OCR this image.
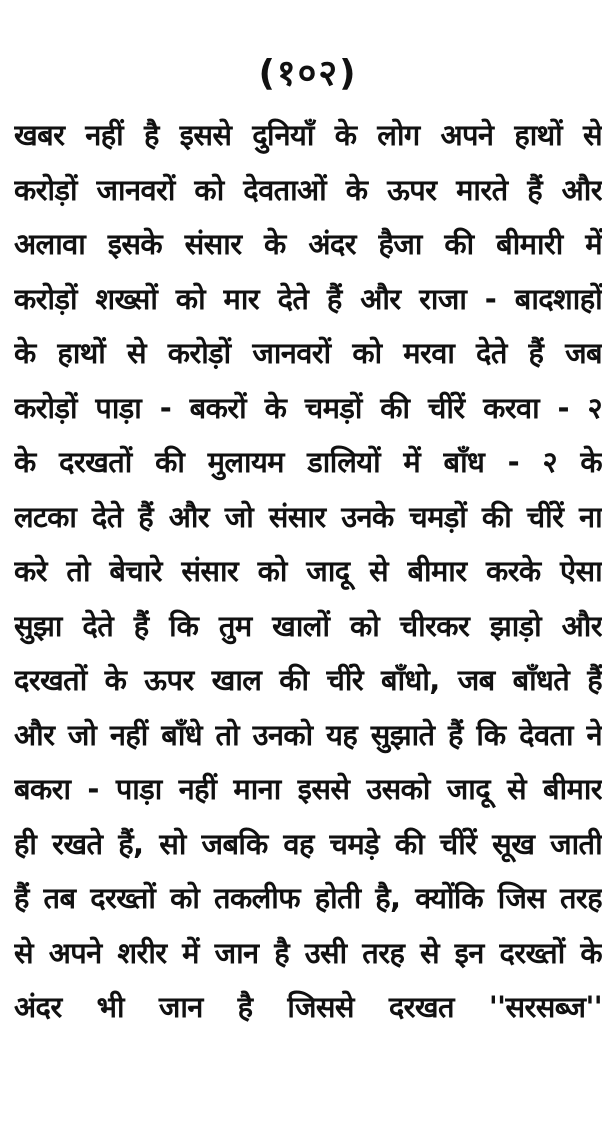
(१०२)
खबर नहीं है इससे दुनियाँ के लोग अपने हाथों से
करोड़ों जानवरों को देवताओं के ऊपर मारते हैं और
अलावा इसके संसार के अंदर हैजा की बीमारी में
करोड़ों शख्सों को मार देते हैं और राजा - बादशाहों
के हाथों से करोड़ों जानवरों को मरवा देते हैं जब
करोड़ों पाड़ा - बकरों के चमड़ों की चींरें करवा - २
के दरखतों की मुलायम डालियों में बाँध - २ के
लटका देते हैं और जो संसार उनके चमड़ों की चींरें ना
करे तो बेचारे संसार को जादू से बीमार करके ऐसा
सुझा देते हैं कि तुम खालों को चीरकर झाड़ो और
दरखतों के ऊपर खाल की चींरे बाँधो, जब बाँधते हैं
और जो नहीं बाँधे तो उनको यह सुझाते हैं कि देवता ने
बकरा - पाड़ा नहीं माना इससे उसको जादू से बीमार
ही रखते हैं, सो जबकि वह चमड़े की चींरें सूख जाती
हैं तब दरख्तों को तकलीफ होती है, क्योंकि जिस तरह
से अपने शरीर में जान है उसी तरह से इन दरख्तों के
अंदर भी जान है जिससे दरखत ''सरसब्ज''
